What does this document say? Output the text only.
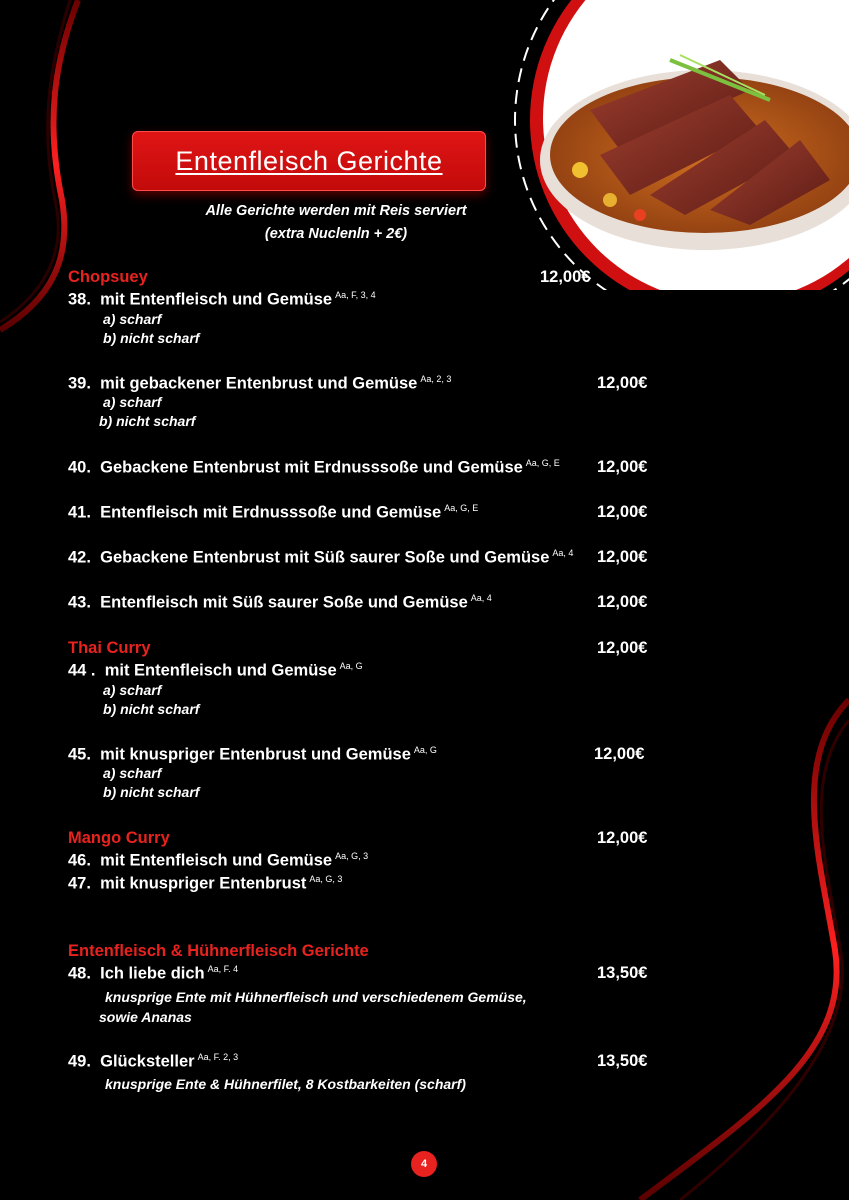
Entenfleisch Gerichte
Alle Gerichte werden mit Reis serviert
(extra Nuclenln + 2€)
Chopsuey	12,00€
38. mit Entenfleisch und Gemüse $^{Aa, F, 3, 4}$
a) scharf
b) nicht scharf
39. mit gebackener Entenbrust und Gemüse $^{Aa, 2, 3}$	12,00€
a) scharf
b) nicht scharf
40. Gebackene Entenbrust mit Erdnusssoße und Gemüse $^{Aa, G, E}$ 12,00€
41. Entenfleisch mit Erdnusssoße und Gemüse $^{Aa, G, E}$	12,00€
42. Gebackene Entenbrust mit Süß saurer Soße und Gemüse $^{Aa, 4}$ 12,00€
43. Entenfleisch mit Süß saurer Soße und Gemüse $^{Aa, 4}$	12,00€
Thai Curry	12,00€
44 . mit Entenfleisch und Gemüse $^{Aa, G}$
a) scharf
b) nicht scharf
45. mit knuspriger Entenbrust und Gemüse $^{Aa, G}$	12,00€
a) scharf
b) nicht scharf
Mango Curry	12,00€
46. mit Entenfleisch und Gemüse $^{Aa, G, 3}$
47. mit knuspriger Entenbrust $^{Aa, G, 3}$
Entenfleisch & Hühnerfleisch Gerichte
48. Ich liebe dich $^{Aa, F. 4}$	13,50€
knusprige Ente mit Hühnerfleisch und verschiedenem Gemüse,
sowie Ananas
49. Glücksteller $^{Aa, F. 2, 3}$	13,50€
knusprige Ente & Hühnerfilet, 8 Kostbarkeiten (scharf)
4
